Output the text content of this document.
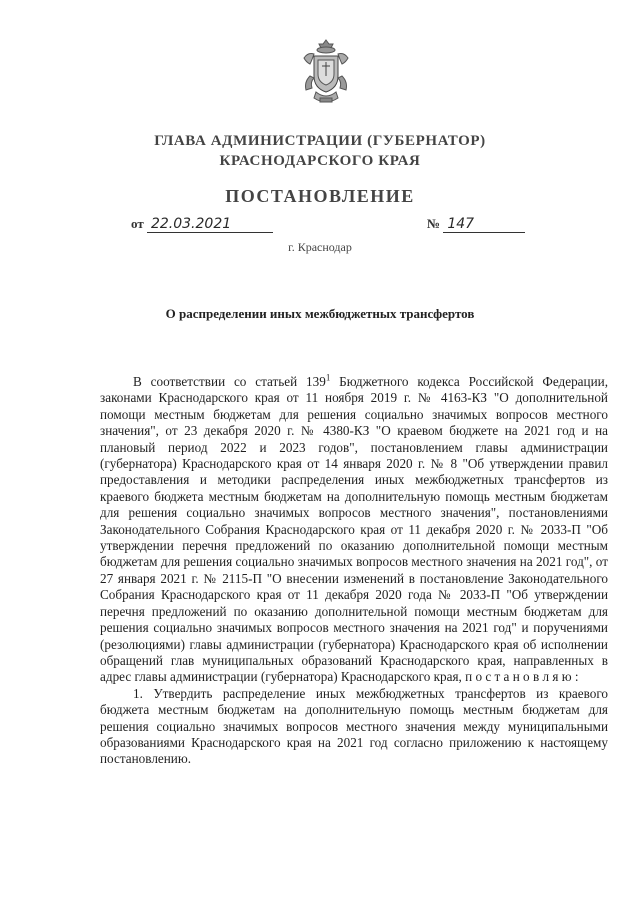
ГЛАВА АДМИНИСТРАЦИИ (ГУБЕРНАТОР)
КРАСНОДАРСКОГО КРАЯ
ПОСТАНОВЛЕНИЕ
от 22.03.2021	№ 147
г. Краснодар
О распределении иных межбюджетных трансфертов

В соответствии со статьей $139^1$ Бюджетного кодекса Российской Федерации, законами Краснодарского края от 11 ноября 2019 г. № 4163-КЗ "О дополнительной помощи местным бюджетам для решения социально значимых вопросов местного значения", от 23 декабря 2020 г. № 4380-КЗ "О краевом бюджете на 2021 год и на плановый период 2022 и 2023 годов", постановлением главы администрации (губернатора) Краснодарского края от 14 января 2020 г. № 8 "Об утверждении правил предоставления и методики распределения иных межбюджетных трансфертов из краевого бюджета местным бюджетам на дополнительную помощь местным бюджетам для решения социально значимых вопросов местного значения", постановлениями Законодательного Собрания Краснодарского края от 11 декабря 2020 г. № 2033-П "Об утверждении перечня предложений по оказанию дополнительной помощи местным бюджетам для решения социально значимых вопросов местного значения на 2021 год", от 27 января 2021 г. № 2115-П "О внесении изменений в постановление Законодательного Собрания Краснодарского края от 11 декабря 2020 года № 2033-П "Об утверждении перечня предложений по оказанию дополнительной помощи местным бюджетам для решения социально значимых вопросов местного значения на 2021 год" и поручениями (резолюциями) главы администрации (губернатора) Краснодарского края об исполнении обращений глав муниципальных образований Краснодарского края, направленных в адрес главы администрации (губернатора) Краснодарского края, п о с т а н о в л я ю :

1. Утвердить распределение иных межбюджетных трансфертов из краевого бюджета местным бюджетам на дополнительную помощь местным бюджетам для решения социально значимых вопросов местного значения между муниципальными образованиями Краснодарского края на 2021 год согласно приложению к настоящему постановлению.
